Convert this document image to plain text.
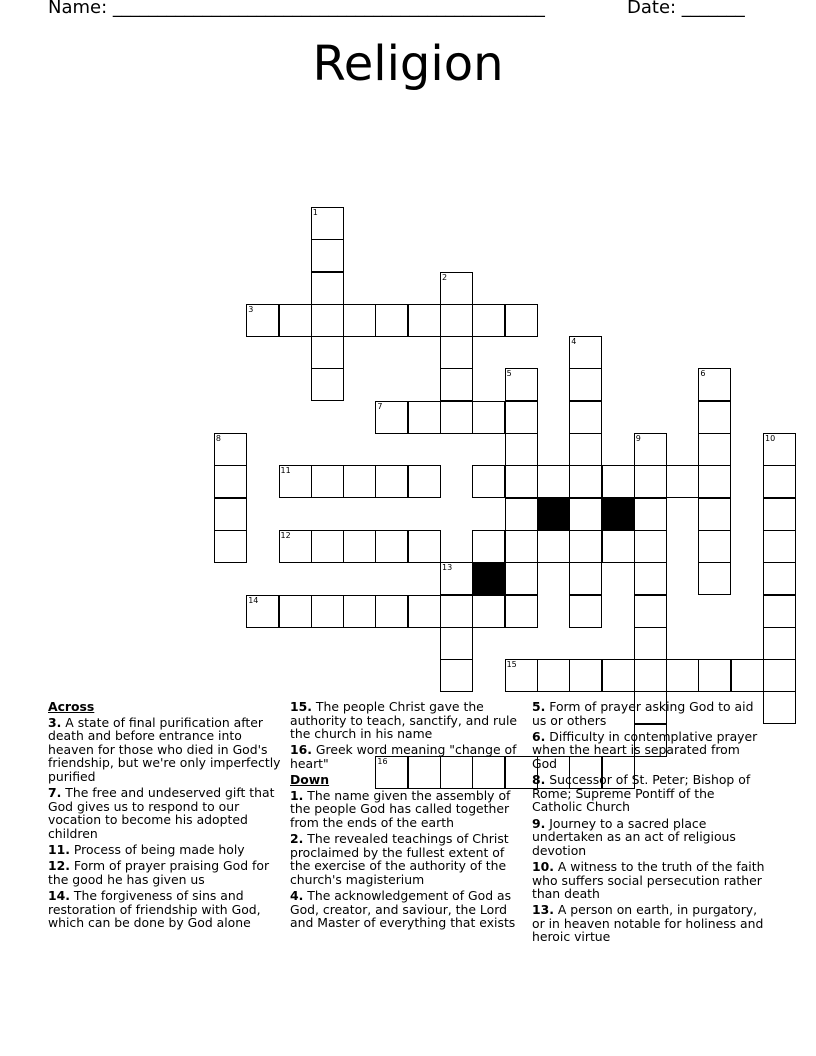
Name: ________________________________________________	Date: _______
Religion
1
2
13
3
4
5	6
7
8	9	10
11
12
14
15
16
Across
3. A state of final purification after death and before entrance into heaven for those who died in God's friendship, but we're only imperfectly purified
7. The free and undeserved gift that God gives us to respond to our vocation to become his adopted children
11. Process of being made holy
12. Form of prayer praising God for the good he has given us
14. The forgiveness of sins and restoration of friendship with God, which can be done by God alone
15. The people Christ gave the authority to teach, sanctify, and rule the church in his name
16. Greek word meaning "change of heart"
Down
1. The name given the assembly of the people God has called together from the ends of the earth
2. The revealed teachings of Christ proclaimed by the fullest extent of the exercise of the authority of the church's magisterium
4. The acknowledgement of God as God, creator, and saviour, the Lord and Master of everything that exists
5. Form of prayer asking God to aid us or others
6. Difficulty in contemplative prayer when the heart is separated from God
8. Successor of St. Peter; Bishop of Rome; Supreme Pontiff of the Catholic Church
9. Journey to a sacred place undertaken as an act of religious devotion
10. A witness to the truth of the faith who suffers social persecution rather than death
13. A person on earth, in purgatory, or in heaven notable for holiness and heroic virtue
